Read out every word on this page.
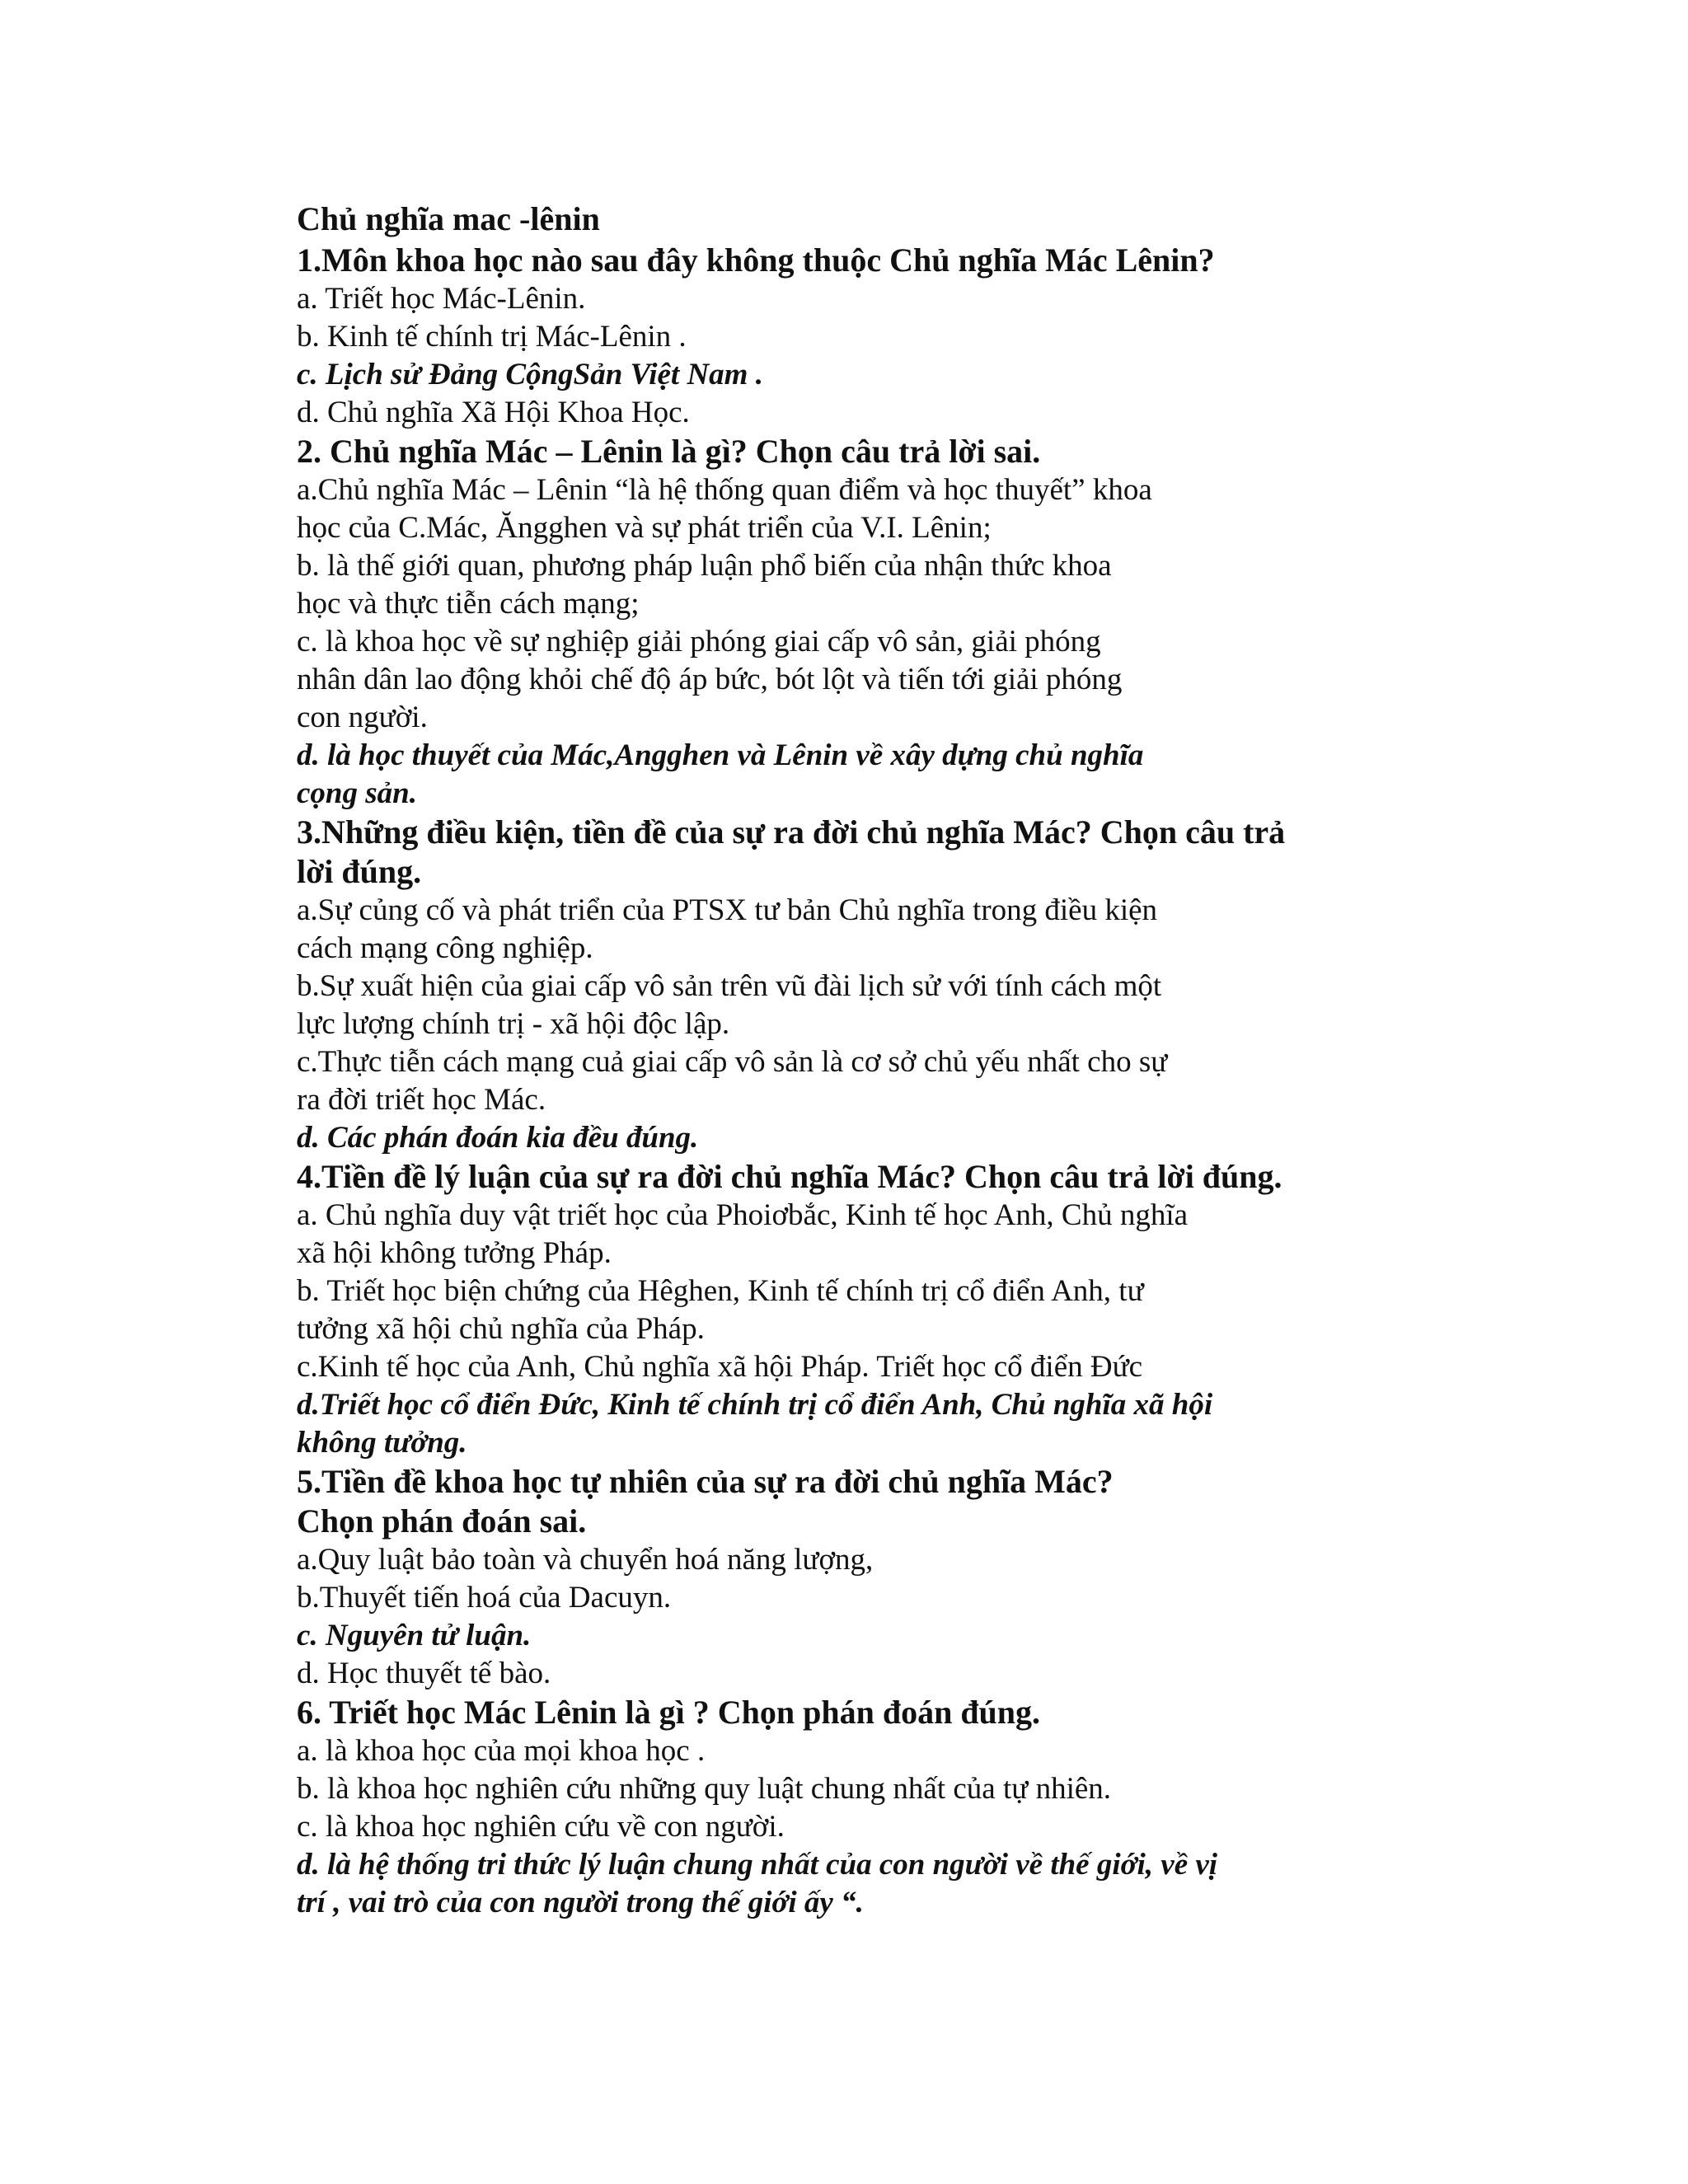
Chủ nghĩa mac -lênin
1.Môn khoa học nào sau đây không thuộc Chủ nghĩa Mác Lênin?
a. Triết học Mác-Lênin.
b. Kinh tế chính trị Mác-Lênin .
c. Lịch sử Đảng CộngSản Việt Nam .
d. Chủ nghĩa Xã Hội Khoa Học.
2. Chủ nghĩa Mác – Lênin là gì? Chọn câu trả lời sai.
a.Chủ nghĩa Mác – Lênin “là hệ thống quan điểm và học thuyết” khoa
học của C.Mác, Ăngghen và sự phát triển của V.I. Lênin;
b. là thế giới quan, phương pháp luận phổ biến của nhận thức khoa
học và thực tiễn cách mạng;
c. là khoa học về sự nghiệp giải phóng giai cấp vô sản, giải phóng
nhân dân lao động khỏi chế độ áp bức, bót lột và tiến tới giải phóng
con người.
d. là học thuyết của Mác,Angghen và Lênin về xây dựng chủ nghĩa
cọng sản.
3.Những điều kiện, tiền đề của sự ra đời chủ nghĩa Mác? Chọn câu trả
lời đúng.
a.Sự củng cố và phát triển của PTSX tư bản Chủ nghĩa trong điều kiện
cách mạng công nghiệp.
b.Sự xuất hiện của giai cấp vô sản trên vũ đài lịch sử với tính cách một
lực lượng chính trị - xã hội độc lập.
c.Thực tiễn cách mạng cuả giai cấp vô sản là cơ sở chủ yếu nhất cho sự
ra đời triết học Mác.
d. Các phán đoán kia đều đúng.
4.Tiền đề lý luận của sự ra đời chủ nghĩa Mác? Chọn câu trả lời đúng.
a. Chủ nghĩa duy vật triết học của Phoiơbắc, Kinh tế học Anh, Chủ nghĩa
xã hội không tưởng Pháp.
b. Triết học biện chứng của Hêghen, Kinh tế chính trị cổ điển Anh, tư
tưởng xã hội chủ nghĩa của Pháp.
c.Kinh tế học của Anh, Chủ nghĩa xã hội Pháp. Triết học cổ điển Đức
d.Triết học cổ điển Đức, Kinh tế chính trị cổ điển Anh, Chủ nghĩa xã hội
không tưởng.
5.Tiền đề khoa học tự nhiên của sự ra đời chủ nghĩa Mác?
Chọn phán đoán sai.
a.Quy luật bảo toàn và chuyển hoá năng lượng,
b.Thuyết tiến hoá của Dacuyn.
c. Nguyên tử luận.
d. Học thuyết tế bào.
6. Triết học Mác Lênin là gì ? Chọn phán đoán đúng.
a. là khoa học của mọi khoa học .
b. là khoa học nghiên cứu những quy luật chung nhất của tự nhiên.
c. là khoa học nghiên cứu về con người.
d. là hệ thống tri thức lý luận chung nhất của con người về thế giới, về vị
trí , vai trò của con người trong thế giới ấy “.
